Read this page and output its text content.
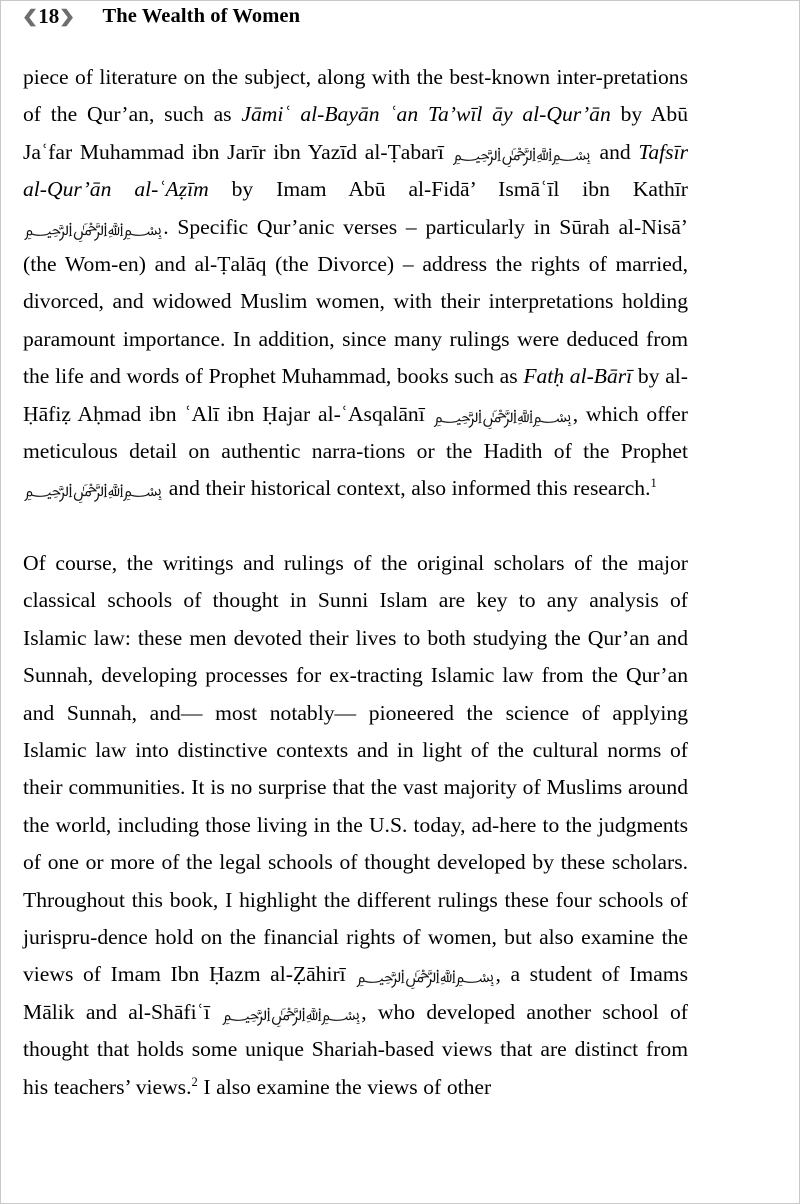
❮ 18 ❯ The Wealth of Women

piece of literature on the subject, along with the best-known inter-pretations of the Qur’an, such as Jāmiʿ al-Bayān ʿan Ta’wīl āy al-Qur’ān by Abū Jaʿfar Muhammad ibn Jarīr ibn Yazīd al-Ṭabarī ﷽ and Tafsīr al-Qur’ān al-ʿAẓīm by Imam Abū al-Fidā’ Ismāʿīl ibn Kathīr ﷽. Specific Qur’anic verses – particularly in Sūrah al-Nisā’ (the Wom-en) and al-Ṭalāq (the Divorce) – address the rights of married, divorced, and widowed Muslim women, with their interpretations holding paramount importance. In addition, since many rulings were deduced from the life and words of Prophet Muhammad, books such as Fatḥ al-Bārī by al-Ḥāfiẓ Aḥmad ibn ʿAlī ibn Ḥajar al-ʿAsqalānī ﷽, which offer meticulous detail on authentic narra-tions or the Hadith of the Prophet ﷽ and their historical context, also informed this research.$^1$

Of course, the writings and rulings of the original scholars of the major classical schools of thought in Sunni Islam are key to any analysis of Islamic law: these men devoted their lives to both studying the Qur’an and Sunnah, developing processes for ex-tracting Islamic law from the Qur’an and Sunnah, and— most notably— pioneered the science of applying Islamic law into distinctive contexts and in light of the cultural norms of their communities. It is no surprise that the vast majority of Muslims around the world, including those living in the U.S. today, ad-here to the judgments of one or more of the legal schools of thought developed by these scholars. Throughout this book, I highlight the different rulings these four schools of jurispru-dence hold on the financial rights of women, but also examine the views of Imam Ibn Ḥazm al-Ẓāhirī ﷽, a student of Imams Mālik and al-Shāfiʿī ﷽, who developed another school of thought that holds some unique Shariah-based views that are distinct from his teachers’ views.$^2$ I also examine the views of other
